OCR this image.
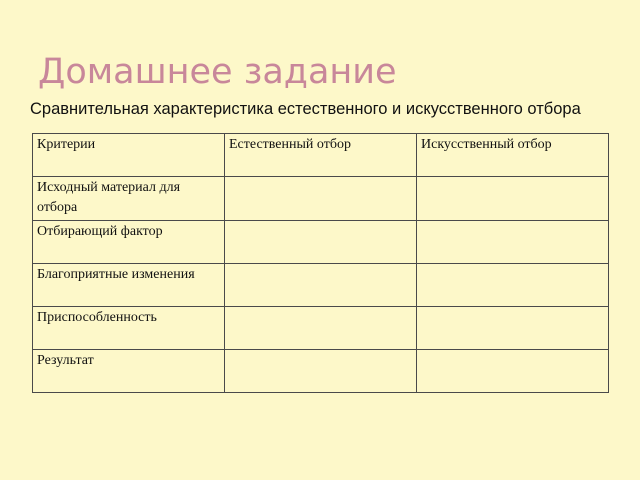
Домашнее задание

Сравнительная характеристика естественного и искусственного отбора

Критерии	Естественный отбор	Искусственный отбор
Исходный материал для отбора		
Отбирающий фактор		
Благоприятные изменения		
Приспособленность		
Результат		
